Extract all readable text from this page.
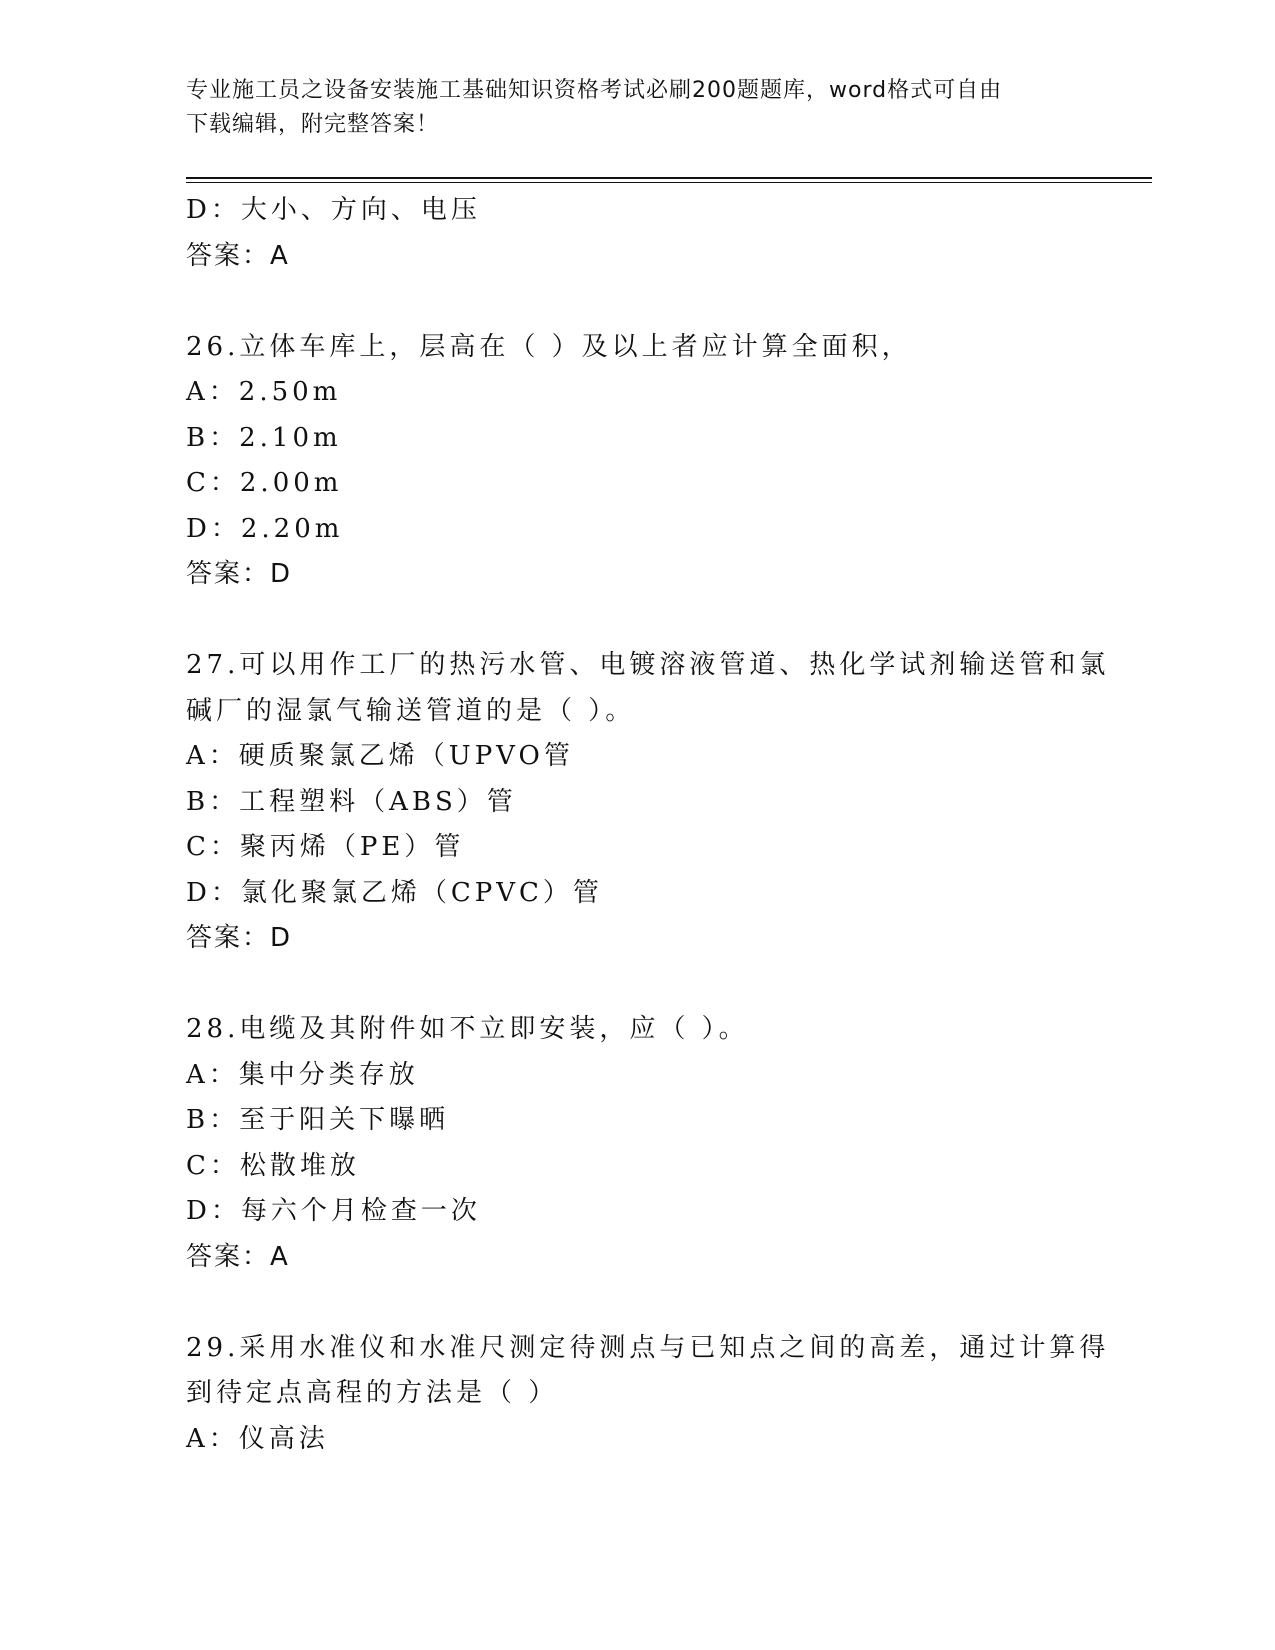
专业施工员之设备安装施工基础知识资格考试必刷200题题库，word格式可自由
下载编辑，附完整答案！
D：大小、方向、电压
答案：A
26.立体车库上，层高在（ ）及以上者应计算全面积，
A：2.50m
B：2.10m
C：2.00m
D：2.20m
答案：D
27.可以用作工厂的热污水管、电镀溶液管道、热化学试剂输送管和氯
碱厂的湿氯气输送管道的是（ ）。
A：硬质聚氯乙烯（UPVO管
B：工程塑料（ABS）管
C：聚丙烯（PE）管
D：氯化聚氯乙烯（CPVC）管
答案：D
28.电缆及其附件如不立即安装，应（ ）。
A：集中分类存放
B：至于阳关下曝晒
C：松散堆放
D：每六个月检查一次
答案：A
29.采用水准仪和水准尺测定待测点与已知点之间的高差，通过计算得
到待定点高程的方法是（ ）
A：仪高法
